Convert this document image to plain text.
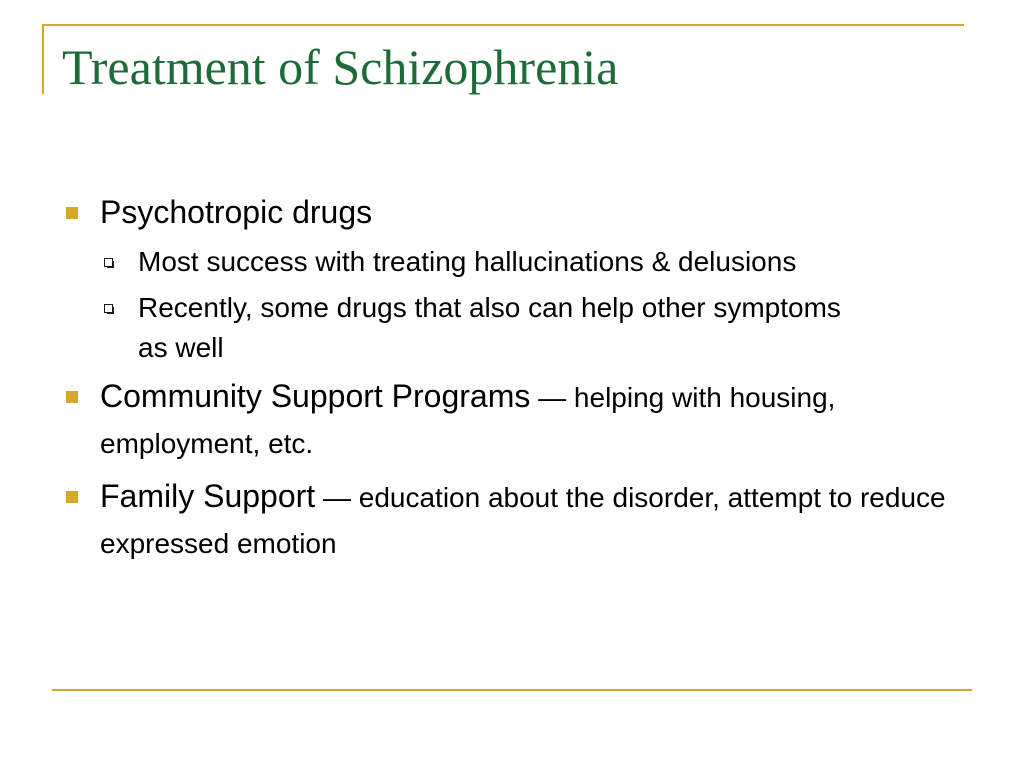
Treatment of Schizophrenia
Psychotropic drugs
Most success with treating hallucinations & delusions
Recently, some drugs that also can help other symptoms as well
Community Support Programs — helping with housing, employment, etc.
Family Support — education about the disorder, attempt to reduce expressed emotion
